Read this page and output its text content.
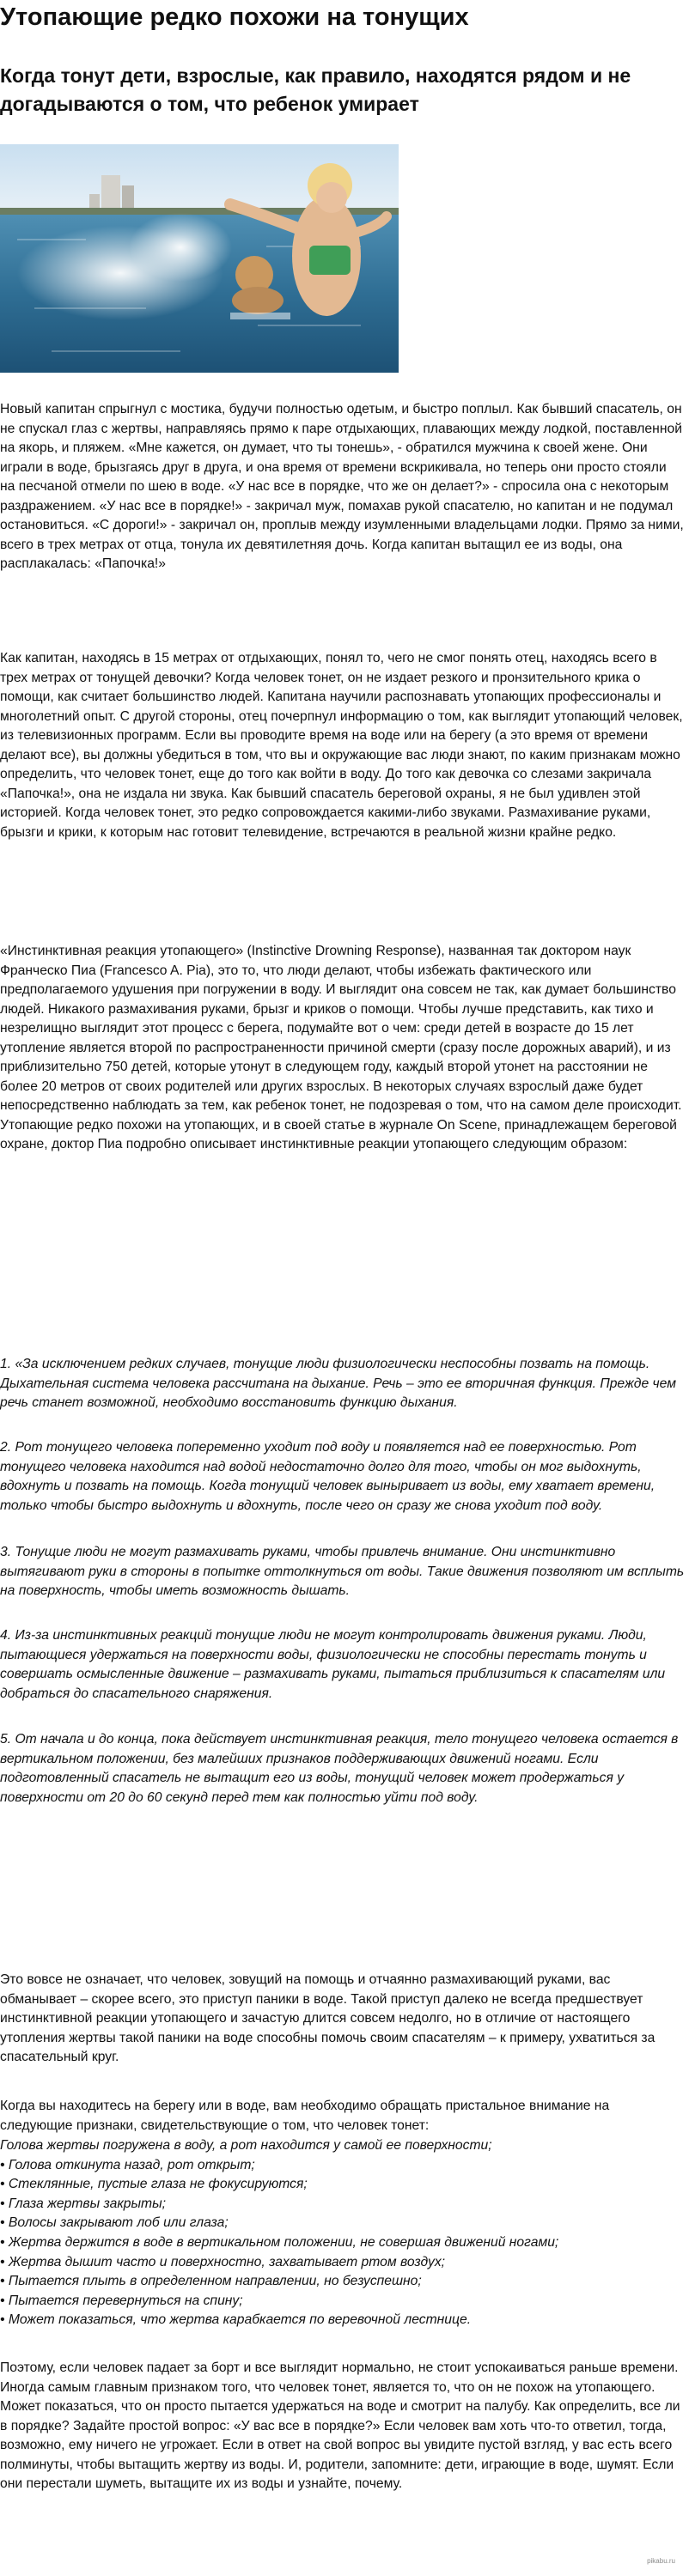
Утопающие редко похожи на тонущих
Когда тонут дети, взрослые, как правило, находятся рядом и не догадываются о том, что ребенок умирает

Новый капитан спрыгнул с мостика, будучи полностью одетым, и быстро поплыл. Как бывший спасатель, он не спускал глаз с жертвы, направляясь прямо к паре отдыхающих, плавающих между лодкой, поставленной на якорь, и пляжем. «Мне кажется, он думает, что ты тонешь», - обратился мужчина к своей жене. Они играли в воде, брызгаясь друг в друга, и она время от времени вскрикивала, но теперь они просто стояли на песчаной отмели по шею в воде. «У нас все в порядке, что же он делает?» - спросила она с некоторым раздражением. «У нас все в порядке!» - закричал муж, помахав рукой спасателю, но капитан и не подумал остановиться. «С дороги!» - закричал он, проплыв между изумленными владельцами лодки. Прямо за ними, всего в трех метрах от отца, тонула их девятилетняя дочь. Когда капитан вытащил ее из воды, она расплакалась: «Папочка!»

Как капитан, находясь в 15 метрах от отдыхающих, понял то, чего не смог понять отец, находясь всего в трех метрах от тонущей девочки? Когда человек тонет, он не издает резкого и пронзительного крика о помощи, как считает большинство людей. Капитана научили распознавать утопающих профессионалы и многолетний опыт. С другой стороны, отец почерпнул информацию о том, как выглядит утопающий человек, из телевизионных программ. Если вы проводите время на воде или на берегу (а это время от времени делают все), вы должны убедиться в том, что вы и окружающие вас люди знают, по каким признакам можно определить, что человек тонет, еще до того как войти в воду. До того как девочка со слезами закричала «Папочка!», она не издала ни звука. Как бывший спасатель береговой охраны, я не был удивлен этой историей. Когда человек тонет, это редко сопровождается какими-либо звуками. Размахивание руками, брызги и крики, к которым нас готовит телевидение, встречаются в реальной жизни крайне редко.

«Инстинктивная реакция утопающего» (Instinctive Drowning Response), названная так доктором наук Франческо Пиа (Francesco A. Pia), это то, что люди делают, чтобы избежать фактического или предполагаемого удушения при погружении в воду. И выглядит она совсем не так, как думает большинство людей. Никакого размахивания руками, брызг и криков о помощи. Чтобы лучше представить, как тихо и незрелищно выглядит этот процесс с берега, подумайте вот о чем: среди детей в возрасте до 15 лет утопление является второй по распространенности причиной смерти (сразу после дорожных аварий), и из приблизительно 750 детей, которые утонут в следующем году, каждый второй утонет на расстоянии не более 20 метров от своих родителей или других взрослых. В некоторых случаях взрослый даже будет непосредственно наблюдать за тем, как ребенок тонет, не подозревая о том, что на самом деле происходит. Утопающие редко похожи на утопающих, и в своей статье в журнале On Scene, принадлежащем береговой охране, доктор Пиа подробно описывает инстинктивные реакции утопающего следующим образом:

1. «За исключением редких случаев, тонущие люди физиологически неспособны позвать на помощь. Дыхательная система человека рассчитана на дыхание. Речь – это ее вторичная функция. Прежде чем речь станет возможной, необходимо восстановить функцию дыхания.

2. Рот тонущего человека попеременно уходит под воду и появляется над ее поверхностью. Рот тонущего человека находится над водой недостаточно долго для того, чтобы он мог выдохнуть, вдохнуть и позвать на помощь. Когда тонущий человек выныривает из воды, ему хватает времени, только чтобы быстро выдохнуть и вдохнуть, после чего он сразу же снова уходит под воду.

3. Тонущие люди не могут размахивать руками, чтобы привлечь внимание. Они инстинктивно вытягивают руки в стороны в попытке оттолкнуться от воды. Такие движения позволяют им всплыть на поверхность, чтобы иметь возможность дышать.

4. Из-за инстинктивных реакций тонущие люди не могут контролировать движения руками. Люди, пытающиеся удержаться на поверхности воды, физиологически не способны перестать тонуть и совершать осмысленные движение – размахивать руками, пытаться приблизиться к спасателям или добраться до спасательного снаряжения.

5. От начала и до конца, пока действует инстинктивная реакция, тело тонущего человека остается в вертикальном положении, без малейших признаков поддерживающих движений ногами. Если подготовленный спасатель не вытащит его из воды, тонущий человек может продержаться у поверхности от 20 до 60 секунд перед тем как полностью уйти под воду.

Это вовсе не означает, что человек, зовущий на помощь и отчаянно размахивающий руками, вас обманывает – скорее всего, это приступ паники в воде. Такой приступ далеко не всегда предшествует инстинктивной реакции утопающего и зачастую длится совсем недолго, но в отличие от настоящего утопления жертвы такой паники на воде способны помочь своим спасателям – к примеру, ухватиться за спасательный круг.

Когда вы находитесь на берегу или в воде, вам необходимо обращать пристальное внимание на следующие признаки, свидетельствующие о том, что человек тонет:

Голова жертвы погружена в воду, а рот находится у самой ее поверхности;
• Голова откинута назад, рот открыт;
• Стеклянные, пустые глаза не фокусируются;
• Глаза жертвы закрыты;
• Волосы закрывают лоб или глаза;
• Жертва держится в воде в вертикальном положении, не совершая движений ногами;
• Жертва дышит часто и поверхностно, захватывает ртом воздух;
• Пытается плыть в определенном направлении, но безуспешно;
• Пытается перевернуться на спину;
• Может показаться, что жертва карабкается по веревочной лестнице.

Поэтому, если человек падает за борт и все выглядит нормально, не стоит успокаиваться раньше времени. Иногда самым главным признаком того, что человек тонет, является то, что он не похож на утопающего. Может показаться, что он просто пытается удержаться на воде и смотрит на палубу. Как определить, все ли в порядке? Задайте простой вопрос: «У вас все в порядке?» Если человек вам хоть что-то ответил, тогда, возможно, ему ничего не угрожает. Если в ответ на свой вопрос вы увидите пустой взгляд, у вас есть всего полминуты, чтобы вытащить жертву из воды. И, родители, запомните: дети, играющие в воде, шумят. Если они перестали шуметь, вытащите их из воды и узнайте, почему.

pikabu.ru
